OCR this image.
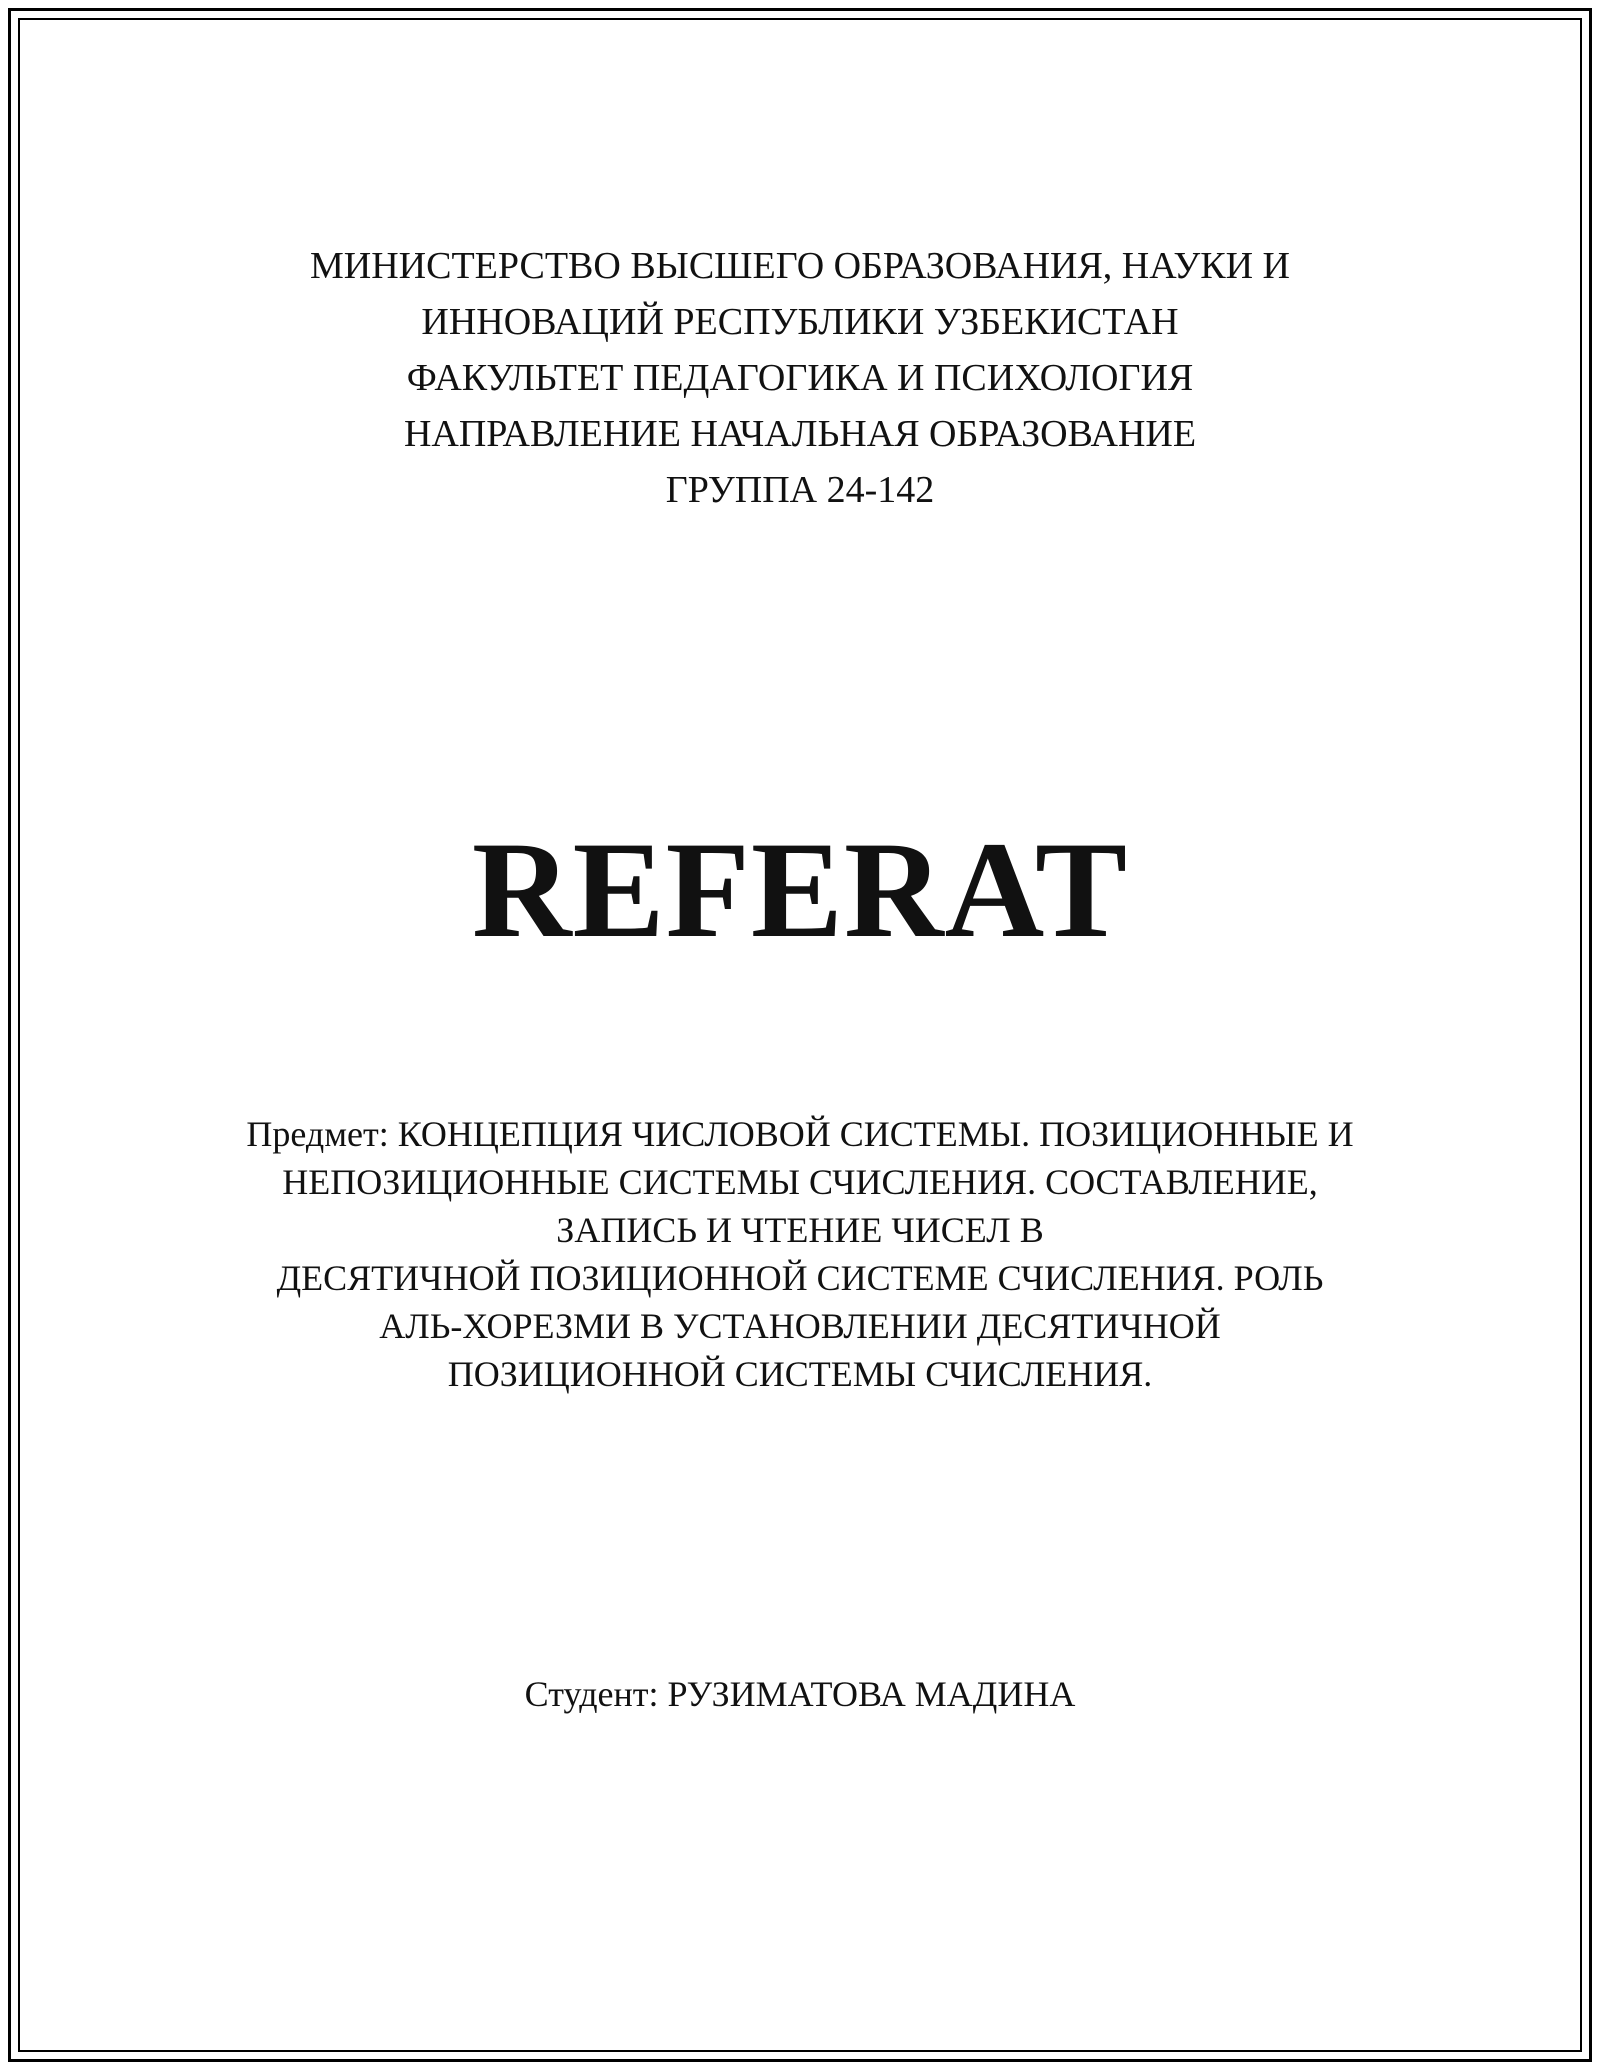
МИНИСТЕРСТВО ВЫСШЕГО ОБРАЗОВАНИЯ, НАУКИ И
ИННОВАЦИЙ РЕСПУБЛИКИ УЗБЕКИСТАН
ФАКУЛЬТЕТ ПЕДАГОГИКА И ПСИХОЛОГИЯ
НАПРАВЛЕНИЕ НАЧАЛЬНАЯ ОБРАЗОВАНИЕ
ГРУППА 24-142
REFERAT
Предмет: КОНЦЕПЦИЯ ЧИСЛОВОЙ СИСТЕМЫ. ПОЗИЦИОННЫЕ И
НЕПОЗИЦИОННЫЕ СИСТЕМЫ СЧИСЛЕНИЯ. СОСТАВЛЕНИЕ,
ЗАПИСЬ И ЧТЕНИЕ ЧИСЕЛ В
ДЕСЯТИЧНОЙ ПОЗИЦИОННОЙ СИСТЕМЕ СЧИСЛЕНИЯ. РОЛЬ
АЛЬ-ХОРЕЗМИ В УСТАНОВЛЕНИИ ДЕСЯТИЧНОЙ
ПОЗИЦИОННОЙ СИСТЕМЫ СЧИСЛЕНИЯ.
Студент: РУЗИМАТОВА МАДИНА
